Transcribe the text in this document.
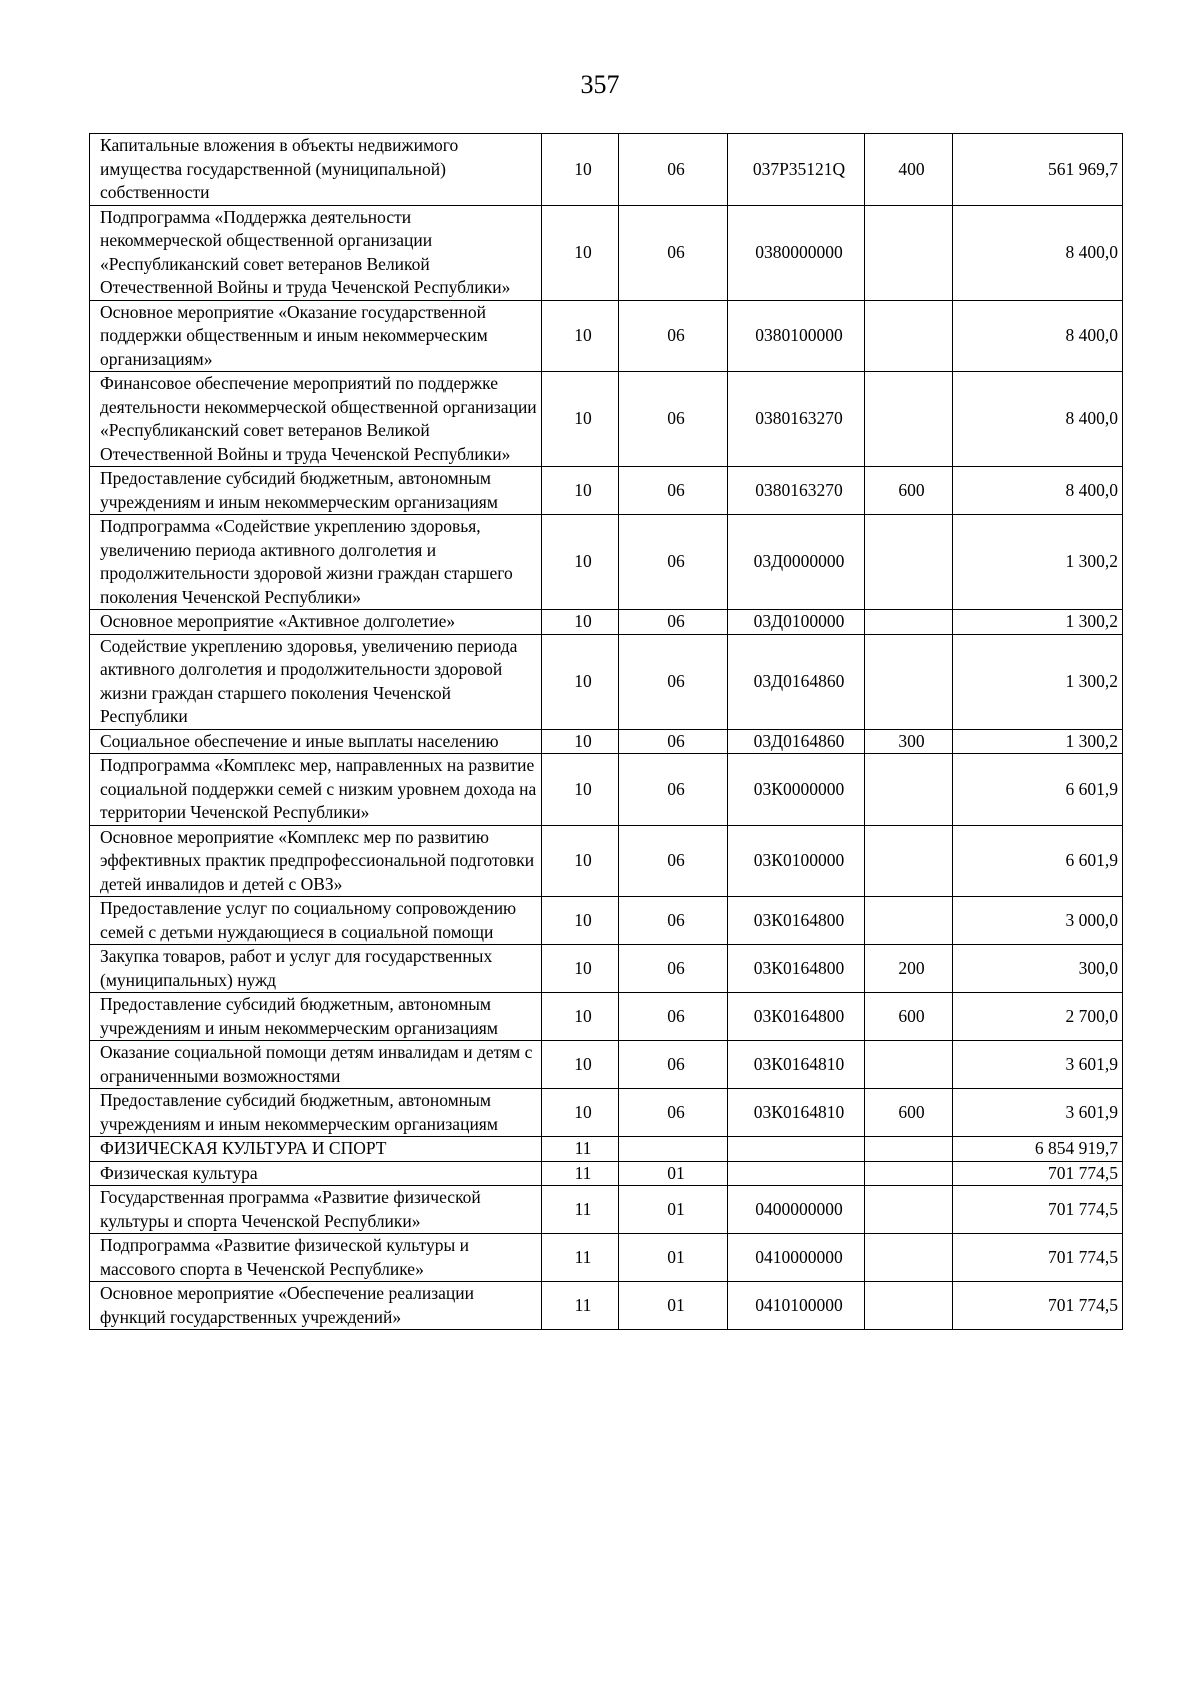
357
Капитальные вложения в объекты недвижимого имущества государственной (муниципальной) собственности	10	06	037P35121Q	400	561 969,7
Подпрограмма «Поддержка деятельности некоммерческой общественной организации «Республиканский совет ветеранов Великой Отечественной Войны и труда Чеченской Республики»	10	06	0380000000		8 400,0
Основное мероприятие «Оказание государственной поддержки общественным и иным некоммерческим организациям»	10	06	0380100000		8 400,0
Финансовое обеспечение мероприятий по поддержке деятельности некоммерческой общественной организации «Республиканский совет ветеранов Великой Отечественной Войны и труда Чеченской Республики»	10	06	0380163270		8 400,0
Предоставление субсидий бюджетным, автономным учреждениям и иным некоммерческим организациям	10	06	0380163270	600	8 400,0
Подпрограмма «Содействие укреплению здоровья, увеличению периода активного долголетия и продолжительности здоровой жизни граждан старшего поколения Чеченской Республики»	10	06	03Д0000000		1 300,2
Основное мероприятие «Активное долголетие»	10	06	03Д0100000		1 300,2
Содействие укреплению здоровья, увеличению периода активного долголетия и продолжительности здоровой жизни граждан старшего поколения Чеченской Республики	10	06	03Д0164860		1 300,2
Социальное обеспечение и иные выплаты населению	10	06	03Д0164860	300	1 300,2
Подпрограмма «Комплекс мер, направленных на развитие социальной поддержки семей с низким уровнем дохода на территории Чеченской Республики»	10	06	03К0000000		6 601,9
Основное мероприятие «Комплекс мер по развитию эффективных практик предпрофессиональной подготовки детей инвалидов и детей с ОВЗ»	10	06	03К0100000		6 601,9
Предоставление услуг по социальному сопровождению семей с детьми нуждающиеся в социальной помощи	10	06	03К0164800		3 000,0
Закупка товаров, работ и услуг для государственных (муниципальных) нужд	10	06	03К0164800	200	300,0
Предоставление субсидий бюджетным, автономным учреждениям и иным некоммерческим организациям	10	06	03К0164800	600	2 700,0
Оказание социальной помощи детям инвалидам и детям с ограниченными возможностями	10	06	03К0164810		3 601,9
Предоставление субсидий бюджетным, автономным учреждениям и иным некоммерческим организациям	10	06	03К0164810	600	3 601,9
ФИЗИЧЕСКАЯ КУЛЬТУРА И СПОРТ	11				6 854 919,7
Физическая культура	11	01			701 774,5
Государственная программа «Развитие физической культуры и спорта Чеченской Республики»	11	01	0400000000		701 774,5
Подпрограмма «Развитие физической культуры и массового спорта в Чеченской Республике»	11	01	0410000000		701 774,5
Основное мероприятие «Обеспечение реализации функций государственных учреждений»	11	01	0410100000		701 774,5
